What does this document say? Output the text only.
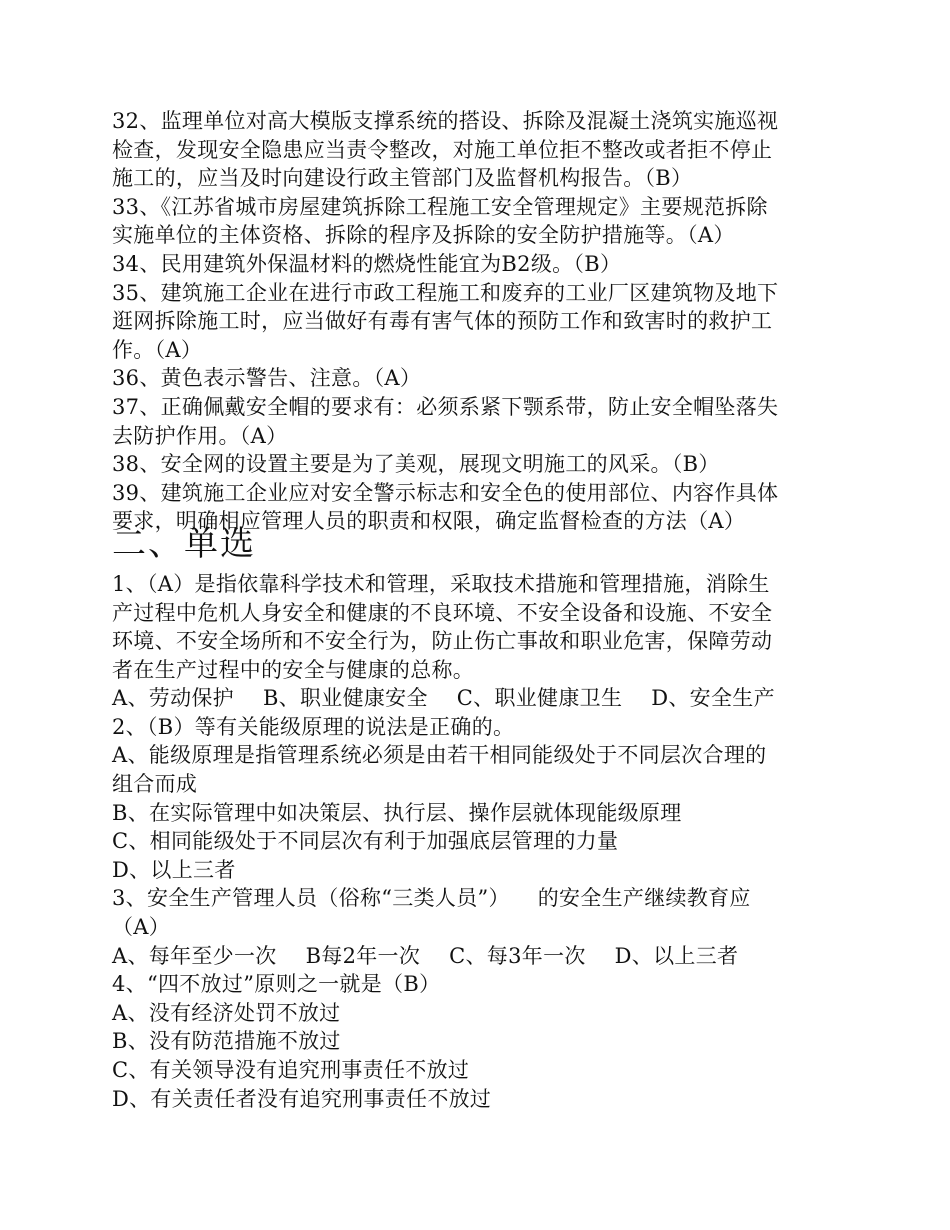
32、监理单位对高大模版支撑系统的搭设、拆除及混凝土浇筑实施巡视
检查，发现安全隐患应当责令整改，对施工单位拒不整改或者拒不停止
施工的，应当及时向建设行政主管部门及监督机构报告。（B）
33、《江苏省城市房屋建筑拆除工程施工安全管理规定》主要规范拆除
实施单位的主体资格、拆除的程序及拆除的安全防护措施等。（A）
34、民用建筑外保温材料的燃烧性能宜为B2级。（B）
35、建筑施工企业在进行市政工程施工和废弃的工业厂区建筑物及地下
逛网拆除施工时，应当做好有毒有害气体的预防工作和致害时的救护工
作。（A）
36、黄色表示警告、注意。（A）
37、正确佩戴安全帽的要求有：必须系紧下颚系带，防止安全帽坠落失
去防护作用。（A）
38、安全网的设置主要是为了美观，展现文明施工的风采。（B）
39、建筑施工企业应对安全警示标志和安全色的使用部位、内容作具体
要求，明确相应管理人员的职责和权限，确定监督检查的方法（A）
二、单选
1、（A）是指依靠科学技术和管理，采取技术措施和管理措施，消除生
产过程中危机人身安全和健康的不良环境、不安全设备和设施、不安全
环境、不安全场所和不安全行为，防止伤亡事故和职业危害，保障劳动
者在生产过程中的安全与健康的总称。
A、劳动保护 B、职业健康安全 C、职业健康卫生 D、安全生产
2、（B）等有关能级原理的说法是正确的。
A、能级原理是指管理系统必须是由若干相同能级处于不同层次合理的
组合而成
B、在实际管理中如决策层、执行层、操作层就体现能级原理
C、相同能级处于不同层次有利于加强底层管理的力量
D、以上三者
3、安全生产管理人员（俗称“三类人员”）    的安全生产继续教育应
（A）
A、每年至少一次 B每2年一次 C、每3年一次 D、以上三者
4、“四不放过”原则之一就是（B）
A、没有经济处罚不放过
B、没有防范措施不放过
C、有关领导没有追究刑事责任不放过
D、有关责任者没有追究刑事责任不放过
